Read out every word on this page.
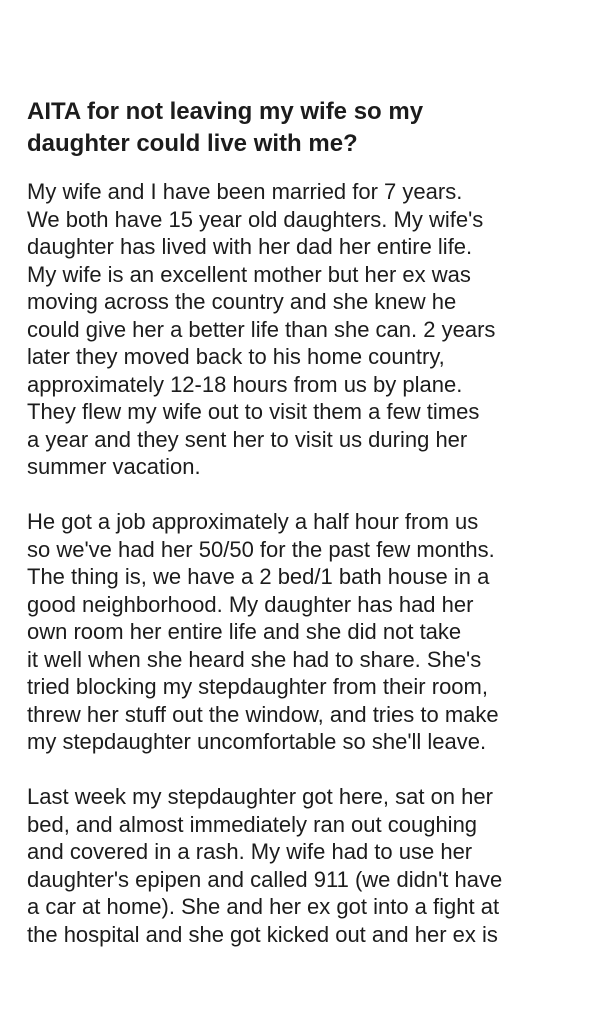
AITA for not leaving my wife so my
daughter could live with me?

My wife and I have been married for 7 years.
We both have 15 year old daughters. My wife's
daughter has lived with her dad her entire life.
My wife is an excellent mother but her ex was
moving across the country and she knew he
could give her a better life than she can. 2 years
later they moved back to his home country,
approximately 12-18 hours from us by plane.
They flew my wife out to visit them a few times
a year and they sent her to visit us during her
summer vacation.

He got a job approximately a half hour from us
so we've had her 50/50 for the past few months.
The thing is, we have a 2 bed/1 bath house in a
good neighborhood. My daughter has had her
own room her entire life and she did not take
it well when she heard she had to share. She's
tried blocking my stepdaughter from their room,
threw her stuff out the window, and tries to make
my stepdaughter uncomfortable so she'll leave.

Last week my stepdaughter got here, sat on her
bed, and almost immediately ran out coughing
and covered in a rash. My wife had to use her
daughter's epipen and called 911 (we didn't have
a car at home). She and her ex got into a fight at
the hospital and she got kicked out and her ex is
